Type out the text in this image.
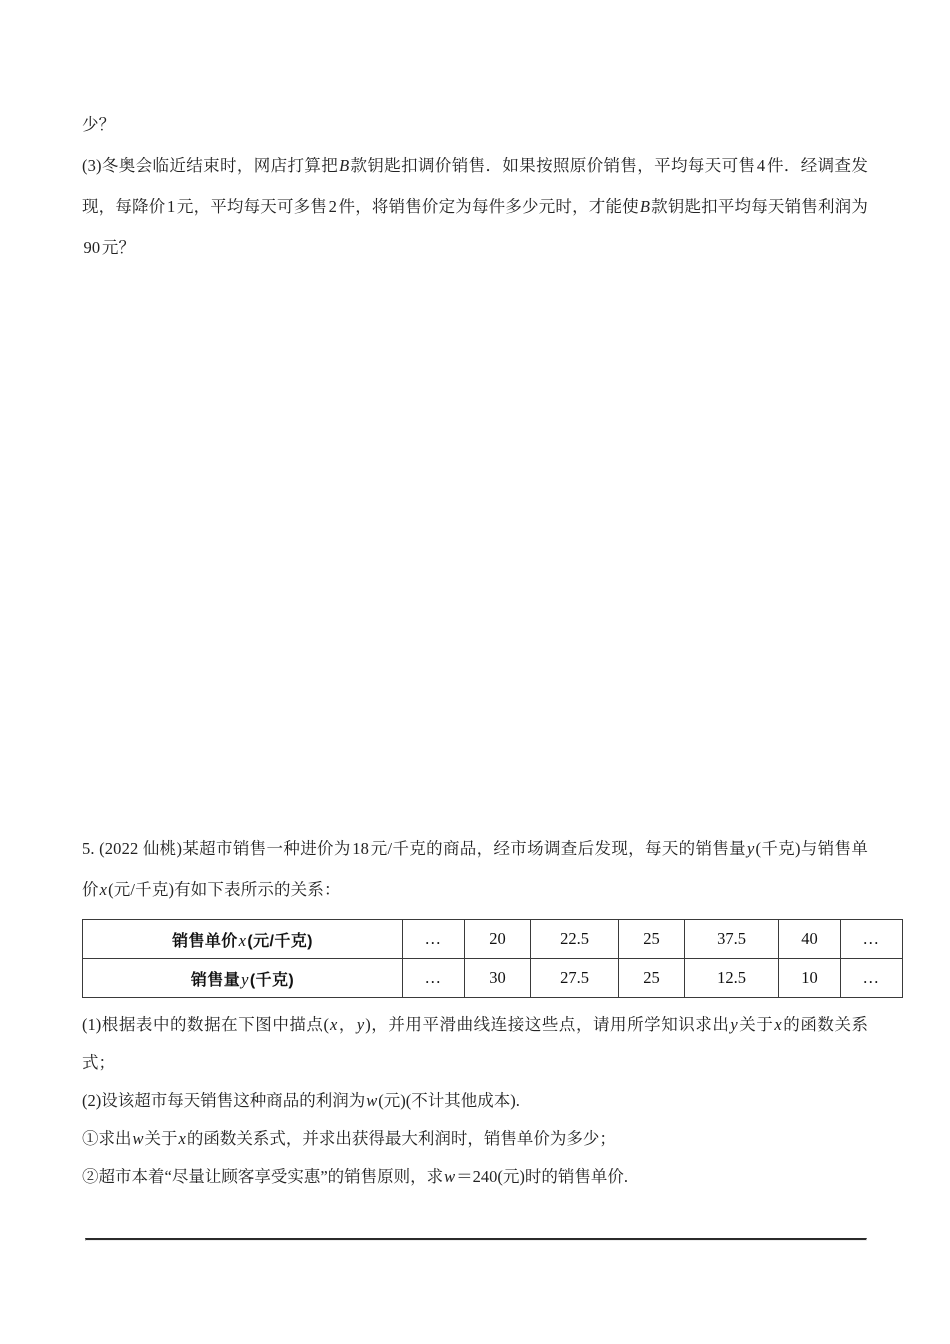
少？

(3)冬奥会临近结束时，网店打算把B款钥匙扣调价销售．如果按照原价销售，平均每天可售4件．经调查发现，每降价1元，平均每天可多售2件，将销售价定为每件多少元时，才能使B款钥匙扣平均每天销售利润为90元？

5. (2022 仙桃)某超市销售一种进价为18元/千克的商品，经市场调查后发现，每天的销售量y(千克)与销售单价x(元/千克)有如下表所示的关系：

销售单价x(元/千克)	…	20	22.5	25	37.5	40	…
销售量y(千克)	…	30	27.5	25	12.5	10	…

(1)根据表中的数据在下图中描点(x，y)，并用平滑曲线连接这些点，请用所学知识求出y关于x的函数关系式；

(2)设该超市每天销售这种商品的利润为w(元)(不计其他成本).

①求出w关于x的函数关系式，并求出获得最大利润时，销售单价为多少；

②超市本着“尽量让顾客享受实惠”的销售原则，求w＝240(元)时的销售单价.
